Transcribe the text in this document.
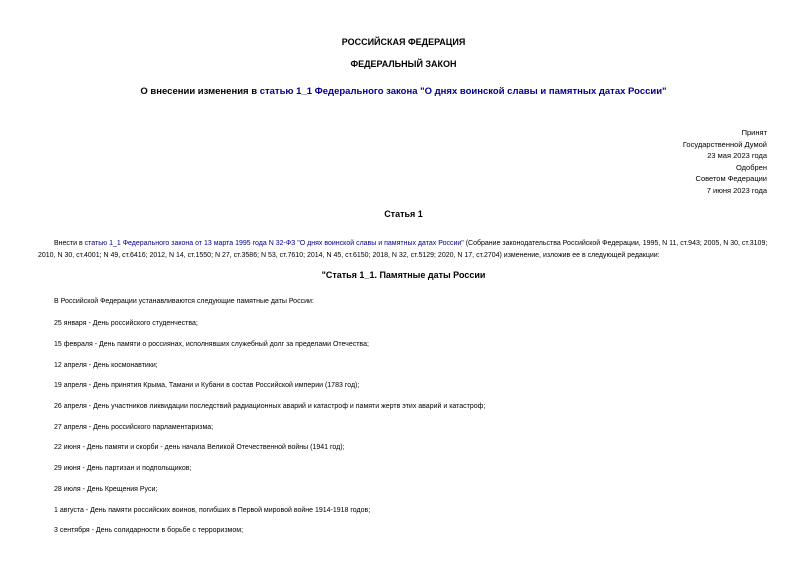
РОССИЙСКАЯ ФЕДЕРАЦИЯ
ФЕДЕРАЛЬНЫЙ ЗАКОН
О внесении изменения в статью 1_1 Федерального закона "О днях воинской славы и памятных датах России"
Принят
Государственной Думой
23 мая 2023 года
Одобрен
Советом Федерации
7 июня 2023 года
Статья 1
Внести в статью 1_1 Федерального закона от 13 марта 1995 года N 32-ФЗ "О днях воинской славы и памятных датах России" (Собрание законодательства Российской Федерации, 1995, N 11, ст.943; 2005, N 30, ст.3109; 2010, N 30, ст.4001; N 49, ст.6416; 2012, N 14, ст.1550; N 27, ст.3586; N 53, ст.7610; 2014, N 45, ст.6150; 2018, N 32, ст.5129; 2020, N 17, ст.2704) изменение, изложив ее в следующей редакции:
"Статья 1_1. Памятные даты России
В Российской Федерации устанавливаются следующие памятные даты России:
25 января - День российского студенчества;
15 февраля - День памяти о россиянах, исполнявших служебный долг за пределами Отечества;
12 апреля - День космонавтики;
19 апреля - День принятия Крыма, Тамани и Кубани в состав Российской империи (1783 год);
26 апреля - День участников ликвидации последствий радиационных аварий и катастроф и памяти жертв этих аварий и катастроф;
27 апреля - День российского парламентаризма;
22 июня - День памяти и скорби - день начала Великой Отечественной войны (1941 год);
29 июня - День партизан и подпольщиков;
28 июля - День Крещения Руси;
1 августа - День памяти российских воинов, погибших в Первой мировой войне 1914-1918 годов;
3 сентября - День солидарности в борьбе с терроризмом;
